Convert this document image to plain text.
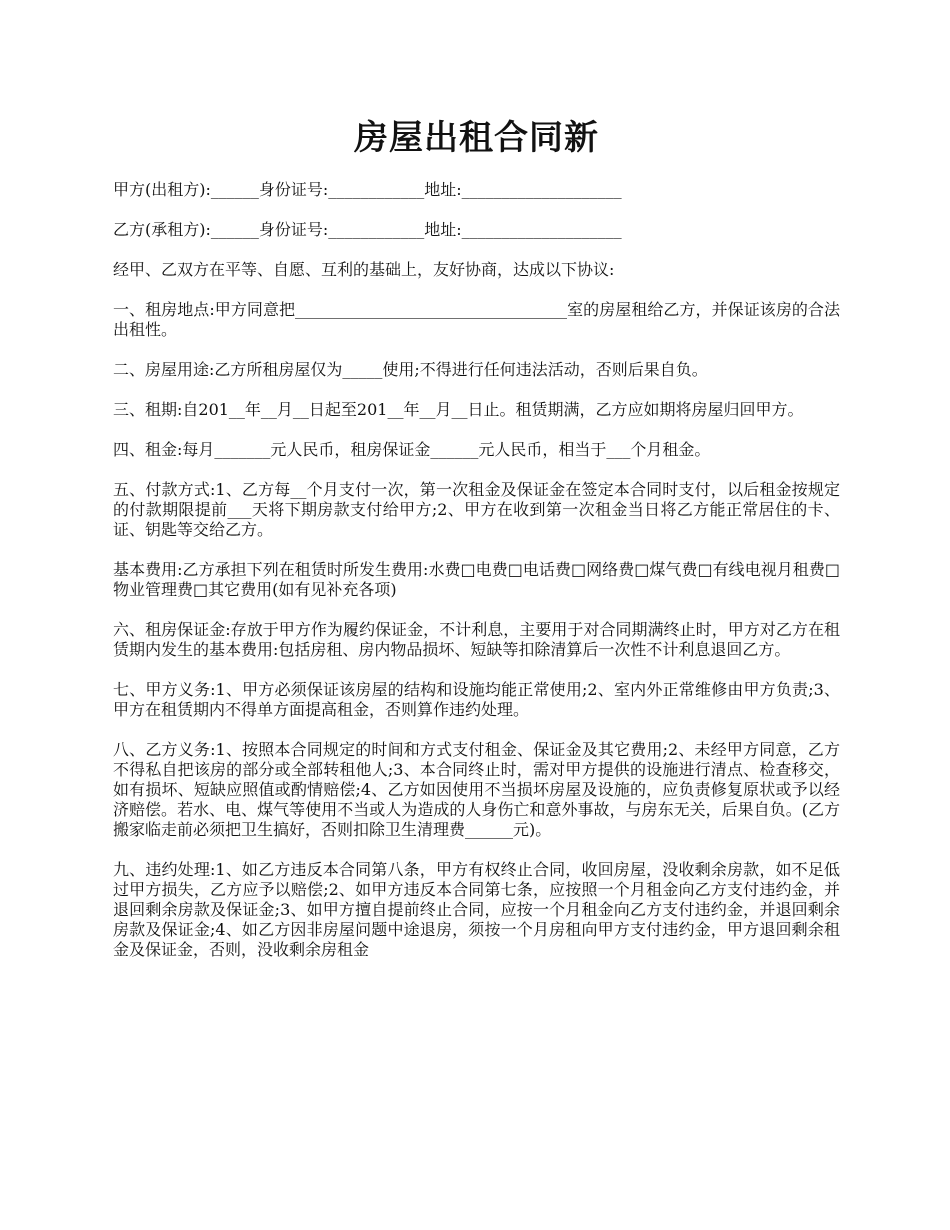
房屋出租合同新

甲方(出租方):______身份证号:____________地址:____________________

乙方(承租方):______身份证号:____________地址:____________________

经甲、乙双方在平等、自愿、互利的基础上，友好协商，达成以下协议:

一、租房地点:甲方同意把__________________________________室的房屋租给乙方，并保证该房的合法出租性。

二、房屋用途:乙方所租房屋仅为_____使用;不得进行任何违法活动，否则后果自负。

三、租期:自201__年__月__日起至201__年__月__日止。租赁期满，乙方应如期将房屋归回甲方。

四、租金:每月_______元人民币，租房保证金______元人民币，相当于___个月租金。

五、付款方式:1、乙方每__个月支付一次，第一次租金及保证金在签定本合同时支付，以后租金按规定的付款期限提前___天将下期房款支付给甲方;2、甲方在收到第一次租金当日将乙方能正常居住的卡、证、钥匙等交给乙方。

基本费用:乙方承担下列在租赁时所发生费用:水费□电费□电话费□网络费□煤气费□有线电视月租费□物业管理费□其它费用(如有见补充各项)

六、租房保证金:存放于甲方作为履约保证金，不计利息，主要用于对合同期满终止时，甲方对乙方在租赁期内发生的基本费用:包括房租、房内物品损坏、短缺等扣除清算后一次性不计利息退回乙方。

七、甲方义务:1、甲方必须保证该房屋的结构和设施均能正常使用;2、室内外正常维修由甲方负责;3、甲方在租赁期内不得单方面提高租金，否则算作违约处理。

八、乙方义务:1、按照本合同规定的时间和方式支付租金、保证金及其它费用;2、未经甲方同意，乙方不得私自把该房的部分或全部转租他人;3、本合同终止时，需对甲方提供的设施进行清点、检查移交，如有损坏、短缺应照值或酌情赔偿;4、乙方如因使用不当损坏房屋及设施的，应负责修复原状或予以经济赔偿。若水、电、煤气等使用不当或人为造成的人身伤亡和意外事故，与房东无关，后果自负。(乙方搬家临走前必须把卫生搞好，否则扣除卫生清理费______元)。

九、违约处理:1、如乙方违反本合同第八条，甲方有权终止合同，收回房屋，没收剩余房款，如不足低过甲方损失，乙方应予以赔偿;2、如甲方违反本合同第七条，应按照一个月租金向乙方支付违约金，并退回剩余房款及保证金;3、如甲方擅自提前终止合同，应按一个月租金向乙方支付违约金，并退回剩余房款及保证金;4、如乙方因非房屋问题中途退房，须按一个月房租向甲方支付违约金，甲方退回剩余租金及保证金，否则，没收剩余房租金
